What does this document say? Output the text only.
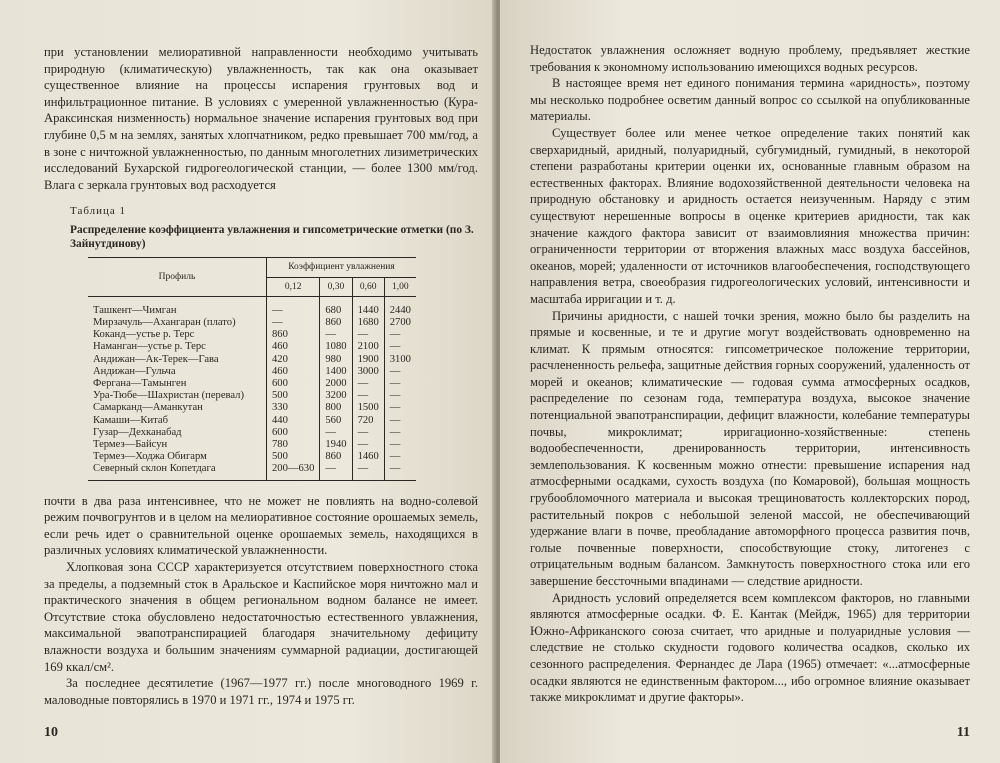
при установлении мелиоративной направленности необходимо учитывать природную (климатическую) увлажненность, так как она оказывает существенное влияние на процессы испарения грунтовых вод и инфильтрационное питание. В условиях с умеренной увлажненностью (Кура-Араксинская низменность) нормальное значение испарения грунтовых вод при глубине 0,5 м на землях, занятых хлопчатником, редко превышает 700 мм/год, а в зоне с ничтожной увлажненностью, по данным многолетних лизиметрических исследований Бухарской гидрогеологической станции, — более 1300 мм/год. Влага с зеркала грунтовых вод расходуется

Таблица 1
Распределение коэффициента увлажнения и гипсометрические отметки (по З. Зайнутдинову)
Профиль	Коэффициент увлажнения			
	0,12	0,30	0,60	1,00
Ташкент—Чимган	—	680	1440	2440
Мирзачуль—Ахангаран (плато)	—	860	1680	2700
Коканд—устье р. Терс	860	—	—	—
Наманган—устье р. Терс	460	1080	2100	—
Андижан—Ак-Терек—Гава	420	980	1900	3100
Андижан—Гульча	460	1400	3000	—
Фергана—Тамынген	600	2000	—	—
Ура-Тюбе—Шахристан (перевал)	500	3200	—	—
Самарканд—Аманкутан	330	800	1500	—
Камаши—Китаб	440	560	720	—
Гузар—Дехканабад	600	—	—	—
Термез—Байсун	780	1940	—	—
Термез—Ходжа Обигарм	500	860	1460	—
Северный склон Копетдага	200—630	—	—	—

почти в два раза интенсивнее, что не может не повлиять на водно-солевой режим почвогрунтов и в целом на мелиоративное состояние орошаемых земель, если речь идет о сравнительной оценке орошаемых земель, находящихся в различных условиях климатической увлажненности.

Хлопковая зона СССР характеризуется отсутствием поверхностного стока за пределы, а подземный сток в Аральское и Каспийское моря ничтожно мал и практического значения в общем региональном водном балансе не имеет. Отсутствие стока обусловлено недостаточностью естественного увлажнения, максимальной эвапотранспирацией благодаря значительному дефициту влажности воздуха и большим значениям суммарной радиации, достигающей 169 ккал/см².

За последнее десятилетие (1967—1977 гг.) после многоводного 1969 г. маловодные повторялись в 1970 и 1971 гг., 1974 и 1975 гг.

10

Недостаток увлажнения осложняет водную проблему, предъявляет жесткие требования к экономному использованию имеющихся водных ресурсов.

В настоящее время нет единого понимания термина «аридность», поэтому мы несколько подробнее осветим данный вопрос со ссылкой на опубликованные материалы.

Существует более или менее четкое определение таких понятий как сверхаридный, аридный, полуаридный, субгумидный, гумидный, в некоторой степени разработаны критерии оценки их, основанные главным образом на естественных факторах. Влияние водохозяйственной деятельности человека на природную обстановку и аридность остается неизученным. Наряду с этим существуют нерешенные вопросы в оценке критериев аридности, так как значение каждого фактора зависит от взаимовлияния множества причин: ограниченности территории от вторжения влажных масс воздуха бассейнов, океанов, морей; удаленности от источников влагообеспечения, господствующего направления ветра, своеобразия гидрогеологических условий, интенсивности и масштаба ирригации и т. д.

Причины аридности, с нашей точки зрения, можно было бы разделить на прямые и косвенные, и те и другие могут воздействовать одновременно на климат. К прямым относятся: гипсометрическое положение территории, расчлененность рельефа, защитные действия горных сооружений, удаленность от морей и океанов; климатические — годовая сумма атмосферных осадков, распределение по сезонам года, температура воздуха, высокое значение потенциальной эвапотранспирации, дефицит влажности, колебание температуры почвы, микроклимат; ирригационно-хозяйственные: степень водообеспеченности, дренированность территории, интенсивность землепользования. К косвенным можно отнести: превышение испарения над атмосферными осадками, сухость воздуха (по Комаровой), большая мощность грубообломочного материала и высокая трещиноватость коллекторских пород, растительный покров с небольшой зеленой массой, не обеспечивающий удержание влаги в почве, преобладание автоморфного процесса развития почв, голые почвенные поверхности, способствующие стоку, литогенез с отрицательным водным балансом. Замкнутость поверхностного стока или его завершение бессточными впадинами — следствие аридности.

Аридность условий определяется всем комплексом факторов, но главными являются атмосферные осадки. Ф. Е. Кантак (Мейдж, 1965) для территории Южно-Африканского союза считает, что аридные и полуаридные условия — следствие не столько скудности годового количества осадков, сколько их сезонного распределения. Фернандес де Лара (1965) отмечает: «...атмосферные осадки являются не единственным фактором..., ибо огромное влияние оказывает также микроклимат и другие факторы».

11
